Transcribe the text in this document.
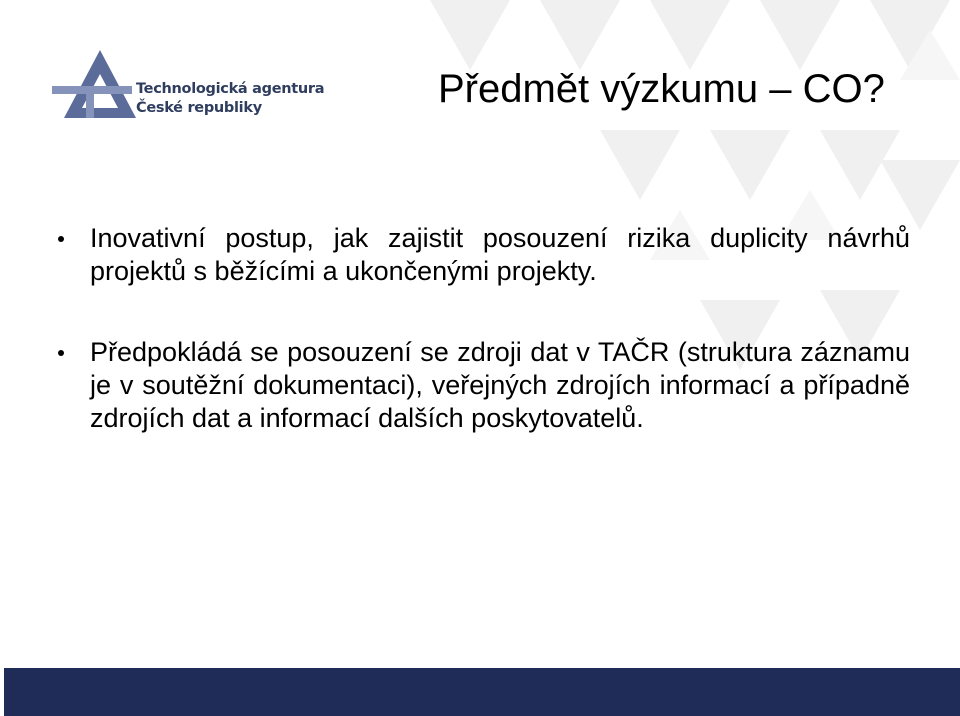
Technologická agentura
České republiky	Předmět výzkumu – CO?
Inovativní postup, jak zajistit posouzení rizika duplicity návrhů projektů s běžícími a ukončenými projekty.
Předpokládá se posouzení se zdroji dat v TAČR (struktura záznamu je v soutěžní dokumentaci), veřejných zdrojích informací a případně zdrojích dat a informací dalších poskytovatelů.
